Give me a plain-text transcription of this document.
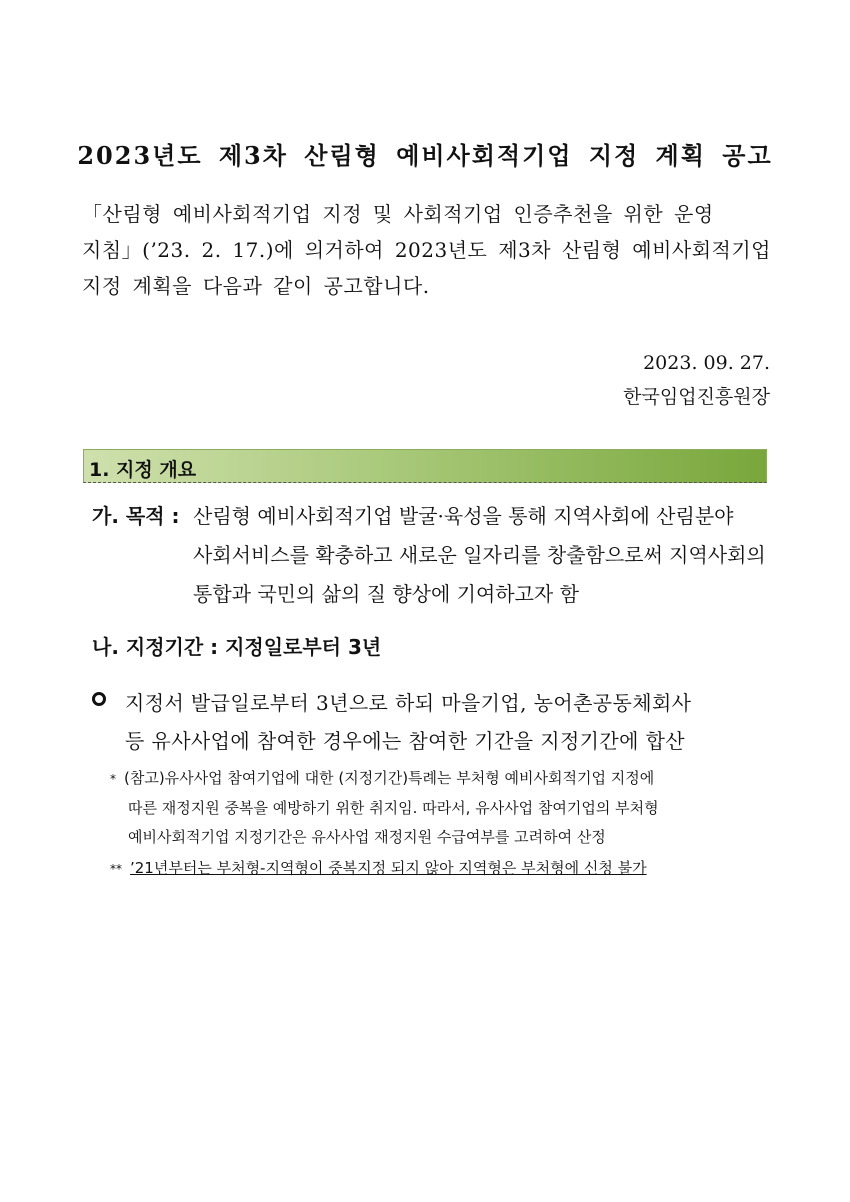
2023년도 제3차 산림형 예비사회적기업 지정 계획 공고
「산림형 예비사회적기업 지정 및 사회적기업 인증추천을 위한 운영
지침」(’23. 2. 17.)에 의거하여 2023년도 제3차 산림형 예비사회적기업
지정 계획을 다음과 같이 공고합니다.
2023. 09. 27.
한국임업진흥원장
1. 지정 개요
가. 목적 : 산림형 예비사회적기업 발굴·육성을 통해 지역사회에 산림분야
사회서비스를 확충하고 새로운 일자리를 창출함으로써 지역사회의
통합과 국민의 삶의 질 향상에 기여하고자 함
나. 지정기간 : 지정일로부터 3년
지정서 발급일로부터 3년으로 하되 마을기업, 농어촌공동체회사
등 유사사업에 참여한 경우에는 참여한 기간을 지정기간에 합산
* (참고)유사사업 참여기업에 대한 (지정기간)특례는 부처형 예비사회적기업 지정에
따른 재정지원 중복을 예방하기 위한 취지임. 따라서, 유사사업 참여기업의 부처형
예비사회적기업 지정기간은 유사사업 재정지원 수급여부를 고려하여 산정
** ’21년부터는 부처형-지역형이 중복지정 되지 않아 지역형은 부처형에 신청 불가
